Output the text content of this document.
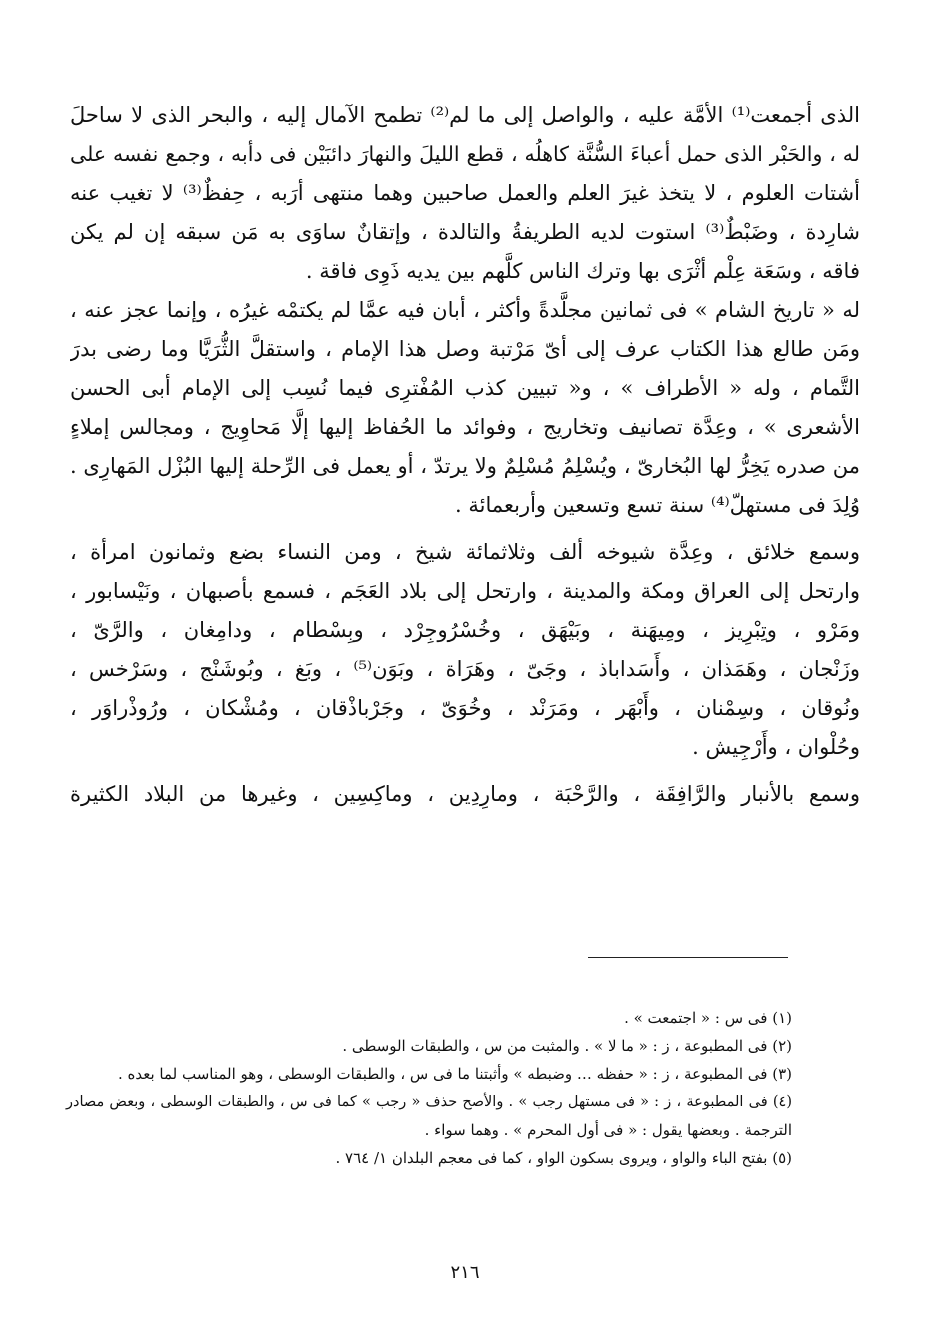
الذى أجمعت⁽¹⁾ الأمَّة عليه ، والواصل إلى ما لم⁽²⁾ تطمح الآمال إليه ، والبحر الذى لا ساحلَ
له ، والحَبْر الذى حمل أعباءَ السُّنَّة كاهلُه ، قطع الليلَ والنهارَ دائبَيْن فى دأبه ، وجمع نفسه على
أشتات العلوم ، لا يتخذ غيرَ العلم والعمل صاحبين وهما منتهى أرَبه ، حِفظٌ⁽³⁾ لا تغيب عنه
شارِدة ، وضَبْطٌ⁽³⁾ استوت لديه الطريفةُ والتالدة ، وإتقانٌ ساوَى به مَن سبقه إن لم يكن
فاقه ، وسَعَة عِلْم أثْرَى بها وترك الناس كلَّهم بين يديه ذَوِى فاقة .
له « تاريخ الشام » فى ثمانين مجلَّدةً وأكثر ، أبان فيه عمَّا لم يكتمْه غيرُه ، وإنما عجز عنه ،
ومَن طالع هذا الكتاب عرف إلى أىّ مَرْتبة وصل هذا الإمام ، واستقلَّ الثُّرَيَّا وما رضى بدرَ
التَّمام ، وله « الأطراف » ، و« تبيين كذب المُفْترِى فيما نُسِب إلى الإمام أبى الحسن
الأشعرى » ، وعِدَّة تصانيف وتخاريج ، وفوائد ما الحُفاظ إليها إلَّا مَحاوِيج ، ومجالس إملاءٍ
من صدره يَخِرُّ لها البُخارىّ ، ويُسْلِمُ مُسْلِمٌ ولا يرتدّ ، أو يعمل فى الرِّحلة إليها البُزْل المَهارِى .
وُلِدَ فى مستهلّ⁽⁴⁾ سنة تسع وتسعين وأربعمائة .
وسمع خلائق ، وعِدَّة شيوخه ألف وثلاثمائة شيخ ، ومن النساء بضع وثمانون امرأة ،
وارتحل إلى العراق ومكة والمدينة ، وارتحل إلى بلاد العَجَم ، فسمع بأصبهان ، ونَيْسابور ،
ومَرْو ، وتِبْرِيز ، ومِيهَنة ، وبَيْهَق ، وخُسْرُوجِرْد ، وبِسْطام ، ودامِغان ، والرَّىّ ،
وزَنْجان ، وهَمَذان ، وأَسَداباذ ، وجَىّ ، وهَرَاة ، وبَوَن⁽⁵⁾ ، وبَغ ، وبُوشَنْج ، وسَرْخس ،
ونُوقان ، وسِمْنان ، وأَبْهَر ، ومَرَنْد ، وخُوَىّ ، وجَرْباذْقان ، ومُشْكان ، ورُوذْراوَر ،
وحُلْوان ، وأَرْجِيش .
وسمع بالأنبار والرَّافِقَة ، والرَّحْبَة ، ومارِدِين ، وماكِسِين ، وغيرها من البلاد الكثيرة
(١) فى س : « اجتمعت » .
(٢) فى المطبوعة ، ز : « ما لا » . والمثبت من س ، والطبقات الوسطى .
(٣) فى المطبوعة ، ز : « حفظه … وضبطه » وأثبتنا ما فى س ، والطبقات الوسطى ، وهو المناسب لما بعده .
(٤) فى المطبوعة ، ز : « فى مستهل رجب » . والأصح حذف « رجب » كما فى س ، والطبقات الوسطى ، وبعض مصادر
الترجمة . وبعضها يقول : « فى أول المحرم » . وهما سواء .
(٥) بفتح الباء والواو ، ويروى بسكون الواو ، كما فى معجم البلدان ١/ ٧٦٤ .
٢١٦
